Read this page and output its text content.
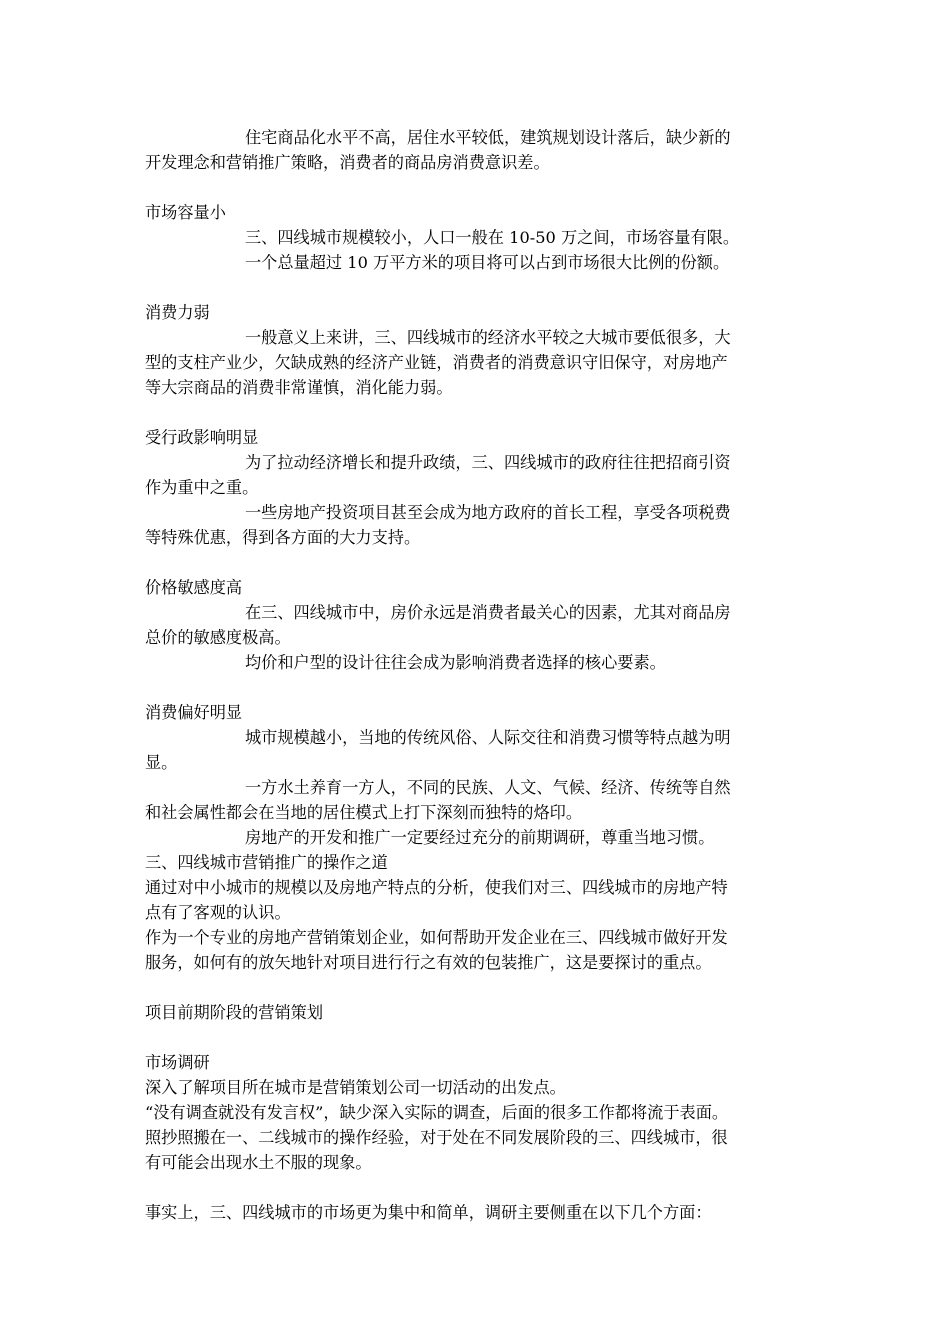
住宅商品化水平不高，居住水平较低，建筑规划设计落后，缺少新的
开发理念和营销推广策略，消费者的商品房消费意识差。
市场容量小
三、四线城市规模较小，人口一般在 10-50 万之间，市场容量有限。
一个总量超过 10 万平方米的项目将可以占到市场很大比例的份额。
消费力弱
一般意义上来讲，三、四线城市的经济水平较之大城市要低很多，大
型的支柱产业少，欠缺成熟的经济产业链，消费者的消费意识守旧保守，对房地产
等大宗商品的消费非常谨慎，消化能力弱。
受行政影响明显
为了拉动经济增长和提升政绩，三、四线城市的政府往往把招商引资
作为重中之重。
一些房地产投资项目甚至会成为地方政府的首长工程，享受各项税费
等特殊优惠，得到各方面的大力支持。
价格敏感度高
在三、四线城市中，房价永远是消费者最关心的因素，尤其对商品房
总价的敏感度极高。
均价和户型的设计往往会成为影响消费者选择的核心要素。
消费偏好明显
城市规模越小，当地的传统风俗、人际交往和消费习惯等特点越为明
显。
一方水土养育一方人，不同的民族、人文、气候、经济、传统等自然
和社会属性都会在当地的居住模式上打下深刻而独特的烙印。
房地产的开发和推广一定要经过充分的前期调研，尊重当地习惯。
三、四线城市营销推广的操作之道
通过对中小城市的规模以及房地产特点的分析，使我们对三、四线城市的房地产特
点有了客观的认识。
作为一个专业的房地产营销策划企业，如何帮助开发企业在三、四线城市做好开发
服务，如何有的放矢地针对项目进行行之有效的包装推广，这是要探讨的重点。
项目前期阶段的营销策划
市场调研
深入了解项目所在城市是营销策划公司一切活动的出发点。
“没有调查就没有发言权”，缺少深入实际的调查，后面的很多工作都将流于表面。
照抄照搬在一、二线城市的操作经验，对于处在不同发展阶段的三、四线城市，很
有可能会出现水土不服的现象。
事实上，三、四线城市的市场更为集中和简单，调研主要侧重在以下几个方面：
